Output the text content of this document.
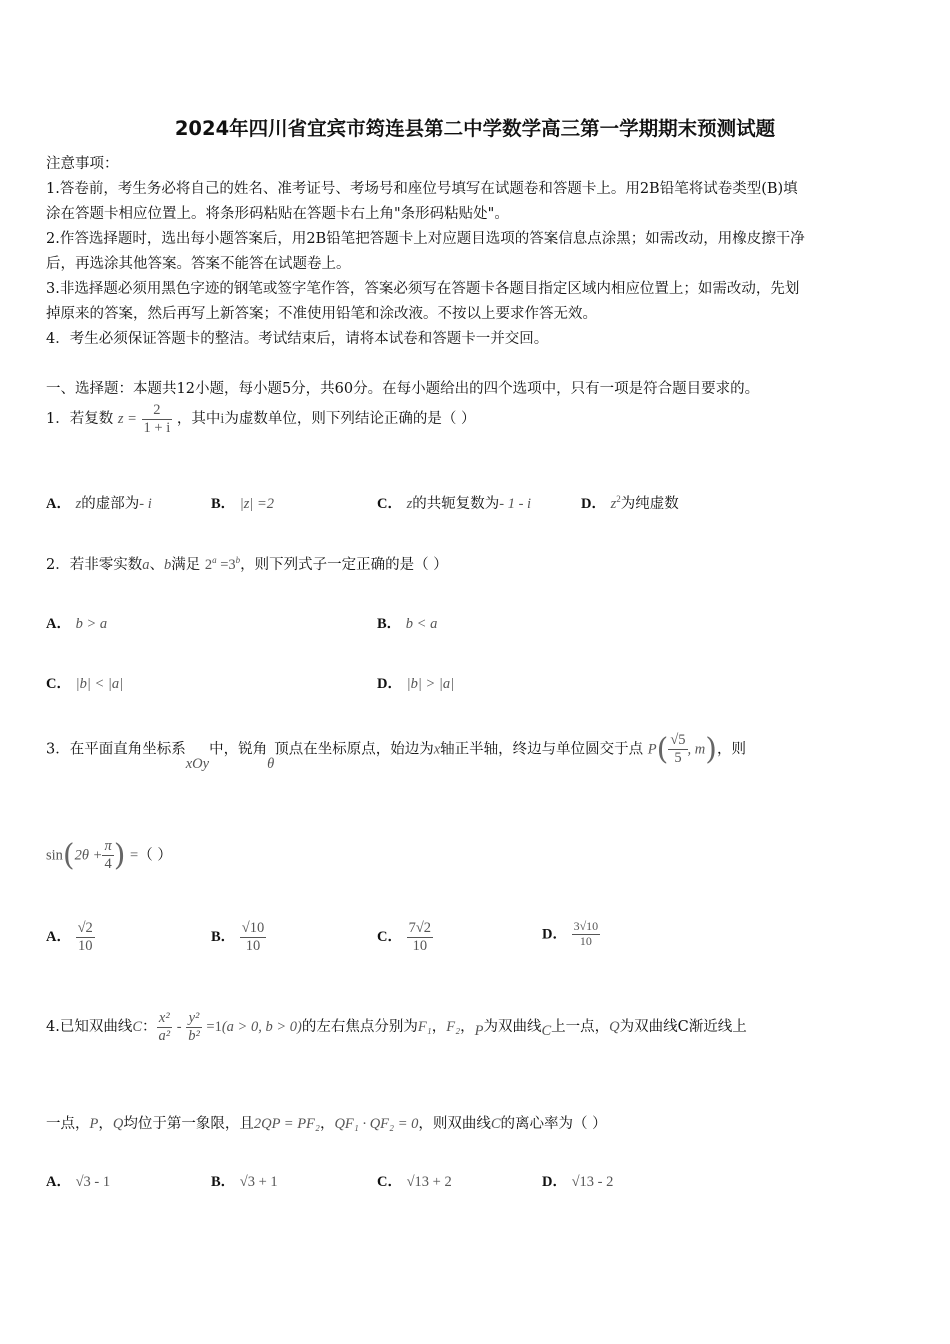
2024年四川省宜宾市筠连县第二中学数学高三第一学期期末预测试题
注意事项：
1.答卷前，考生务必将自己的姓名、准考证号、考场号和座位号填写在试题卷和答题卡上。用2B铅笔将试卷类型(B)填
涂在答题卡相应位置上。将条形码粘贴在答题卡右上角"条形码粘贴处"。
2.作答选择题时，选出每小题答案后，用2B铅笔把答题卡上对应题目选项的答案信息点涂黑；如需改动，用橡皮擦干净
后，再选涂其他答案。答案不能答在试题卷上。
3.非选择题必须用黑色字迹的钢笔或签字笔作答，答案必须写在答题卡各题目指定区域内相应位置上；如需改动，先划
掉原来的答案，然后再写上新答案；不准使用铅笔和涂改液。不按以上要求作答无效。
4．考生必须保证答题卡的整洁。考试结束后，请将本试卷和答题卡一并交回。
一、选择题：本题共12小题，每小题5分，共60分。在每小题给出的四个选项中，只有一项是符合题目要求的。
1．若复数 $z = \frac{2}{1 + i}$ ，其中i为虚数单位，则下列结论正确的是（ ）
A． z的虚部为- i	B． |z| =2	C． z的共轭复数为- 1 - i	D． $z^2$为纯虚数
2．若非零实数a、b满足 $2^a =3^b$，则下列式子一定正确的是（ ）
A． b > a	B． b < a
C． |b| < |a|	D． |b| > |a|
3．在平面直角坐标系xOy中，锐角θ顶点在坐标原点，始边为x轴正半轴，终边与单位圆交于点 $P( \frac{√5}{5}$ , m)，则
$\sin(2\theta + \frac{\pi}{4}$ ) =（ ）
A． $\frac{√2}{10}$	B． $\frac{√10}{10}$	C． $\frac{7√2}{10}$	D． $\frac{3√10}{10}$
4.已知双曲线C： $\frac{\text{x²}}{\text{a²}} - \frac{\text{y²}}{\text{b²}} =1(a > 0$, b > 0)的左右焦点分别为F₁，F₂，P为双曲线C上一点，Q为双曲线C渐近线上
一点，P，Q均位于第一象限，且2QP = PF₂，QF₁ · QF₂ = 0，则双曲线C的离心率为（ ）
A． √3 - 1	B． √3 + 1	C． √13 + 2	D． √13 - 2
